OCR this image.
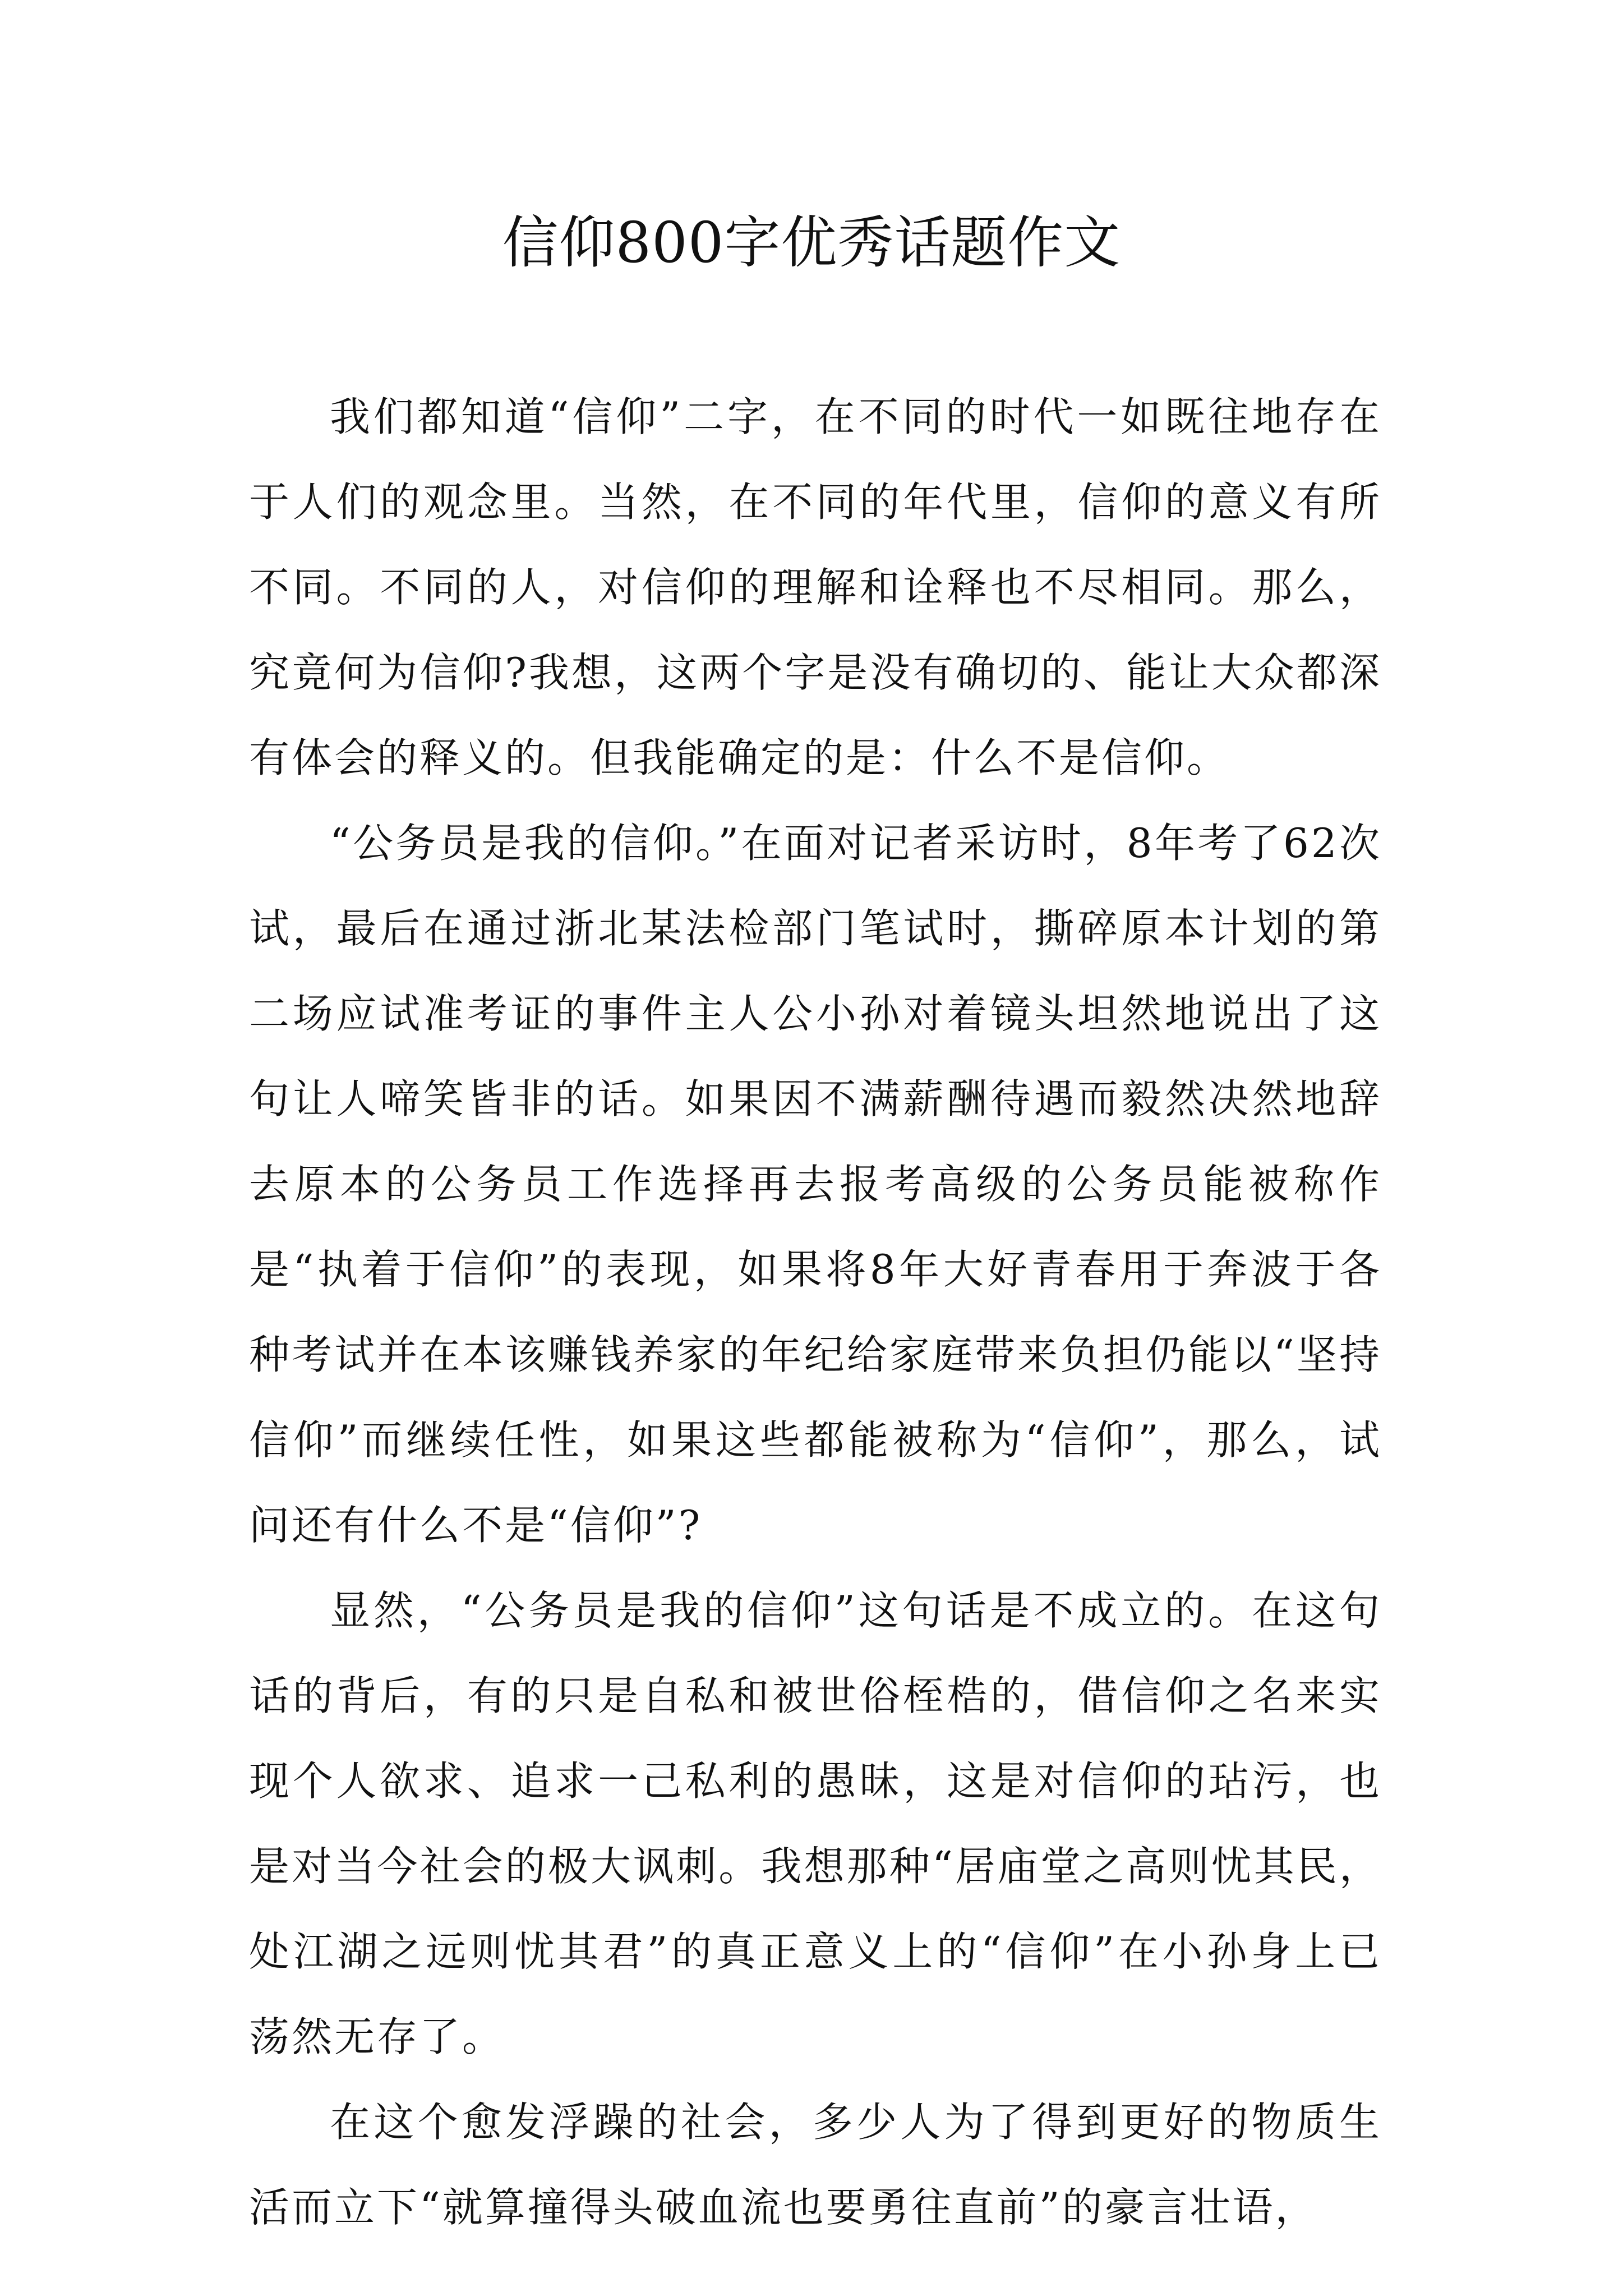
信仰800字优秀话题作文

我们都知道“信仰”二字，在不同的时代一如既往地存在于人们的观念里。当然，在不同的年代里，信仰的意义有所不同。不同的人，对信仰的理解和诠释也不尽相同。那么，究竟何为信仰?我想，这两个字是没有确切的、能让大众都深有体会的释义的。但我能确定的是：什么不是信仰。

“公务员是我的信仰。”在面对记者采访时，8年考了62次试，最后在通过浙北某法检部门笔试时，撕碎原本计划的第二场应试准考证的事件主人公小孙对着镜头坦然地说出了这句让人啼笑皆非的话。如果因不满薪酬待遇而毅然决然地辞去原本的公务员工作选择再去报考高级的公务员能被称作是“执着于信仰”的表现，如果将8年大好青春用于奔波于各种考试并在本该赚钱养家的年纪给家庭带来负担仍能以“坚持信仰”而继续任性，如果这些都能被称为“信仰”，那么，试问还有什么不是“信仰”?

显然，“公务员是我的信仰”这句话是不成立的。在这句话的背后，有的只是自私和被世俗桎梏的，借信仰之名来实现个人欲求、追求一己私利的愚昧，这是对信仰的玷污，也是对当今社会的极大讽刺。我想那种“居庙堂之高则忧其民，处江湖之远则忧其君”的真正意义上的“信仰”在小孙身上已荡然无存了。

在这个愈发浮躁的社会，多少人为了得到更好的物质生活而立下“就算撞得头破血流也要勇往直前”的豪言壮语，
